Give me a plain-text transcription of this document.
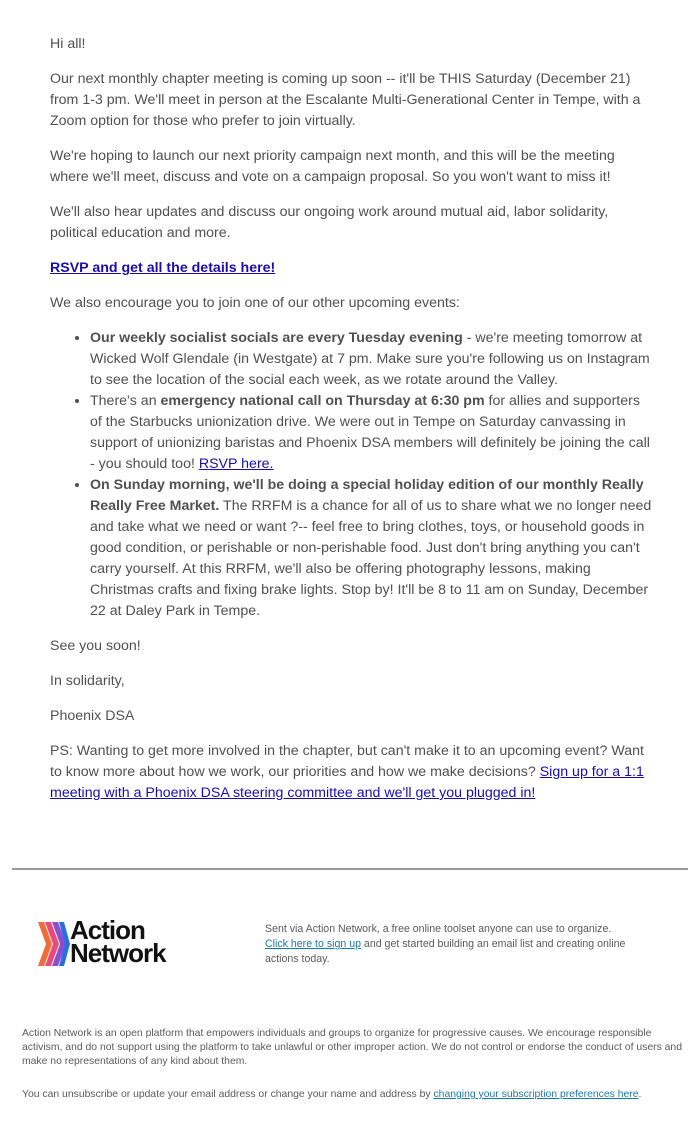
Hi all!

Our next monthly chapter meeting is coming up soon -- it'll be THIS Saturday (December 21) from 1-3 pm. We'll meet in person at the Escalante Multi-Generational Center in Tempe, with a Zoom option for those who prefer to join virtually.

We're hoping to launch our next priority campaign next month, and this will be the meeting where we'll meet, discuss and vote on a campaign proposal. So you won't want to miss it!

We'll also hear updates and discuss our ongoing work around mutual aid, labor solidarity, political education and more.

RSVP and get all the details here!

We also encourage you to join one of our other upcoming events:

• Our weekly socialist socials are every Tuesday evening - we're meeting tomorrow at Wicked Wolf Glendale (in Westgate) at 7 pm. Make sure you're following us on Instagram to see the location of the social each week, as we rotate around the Valley.
• There's an emergency national call on Thursday at 6:30 pm for allies and supporters of the Starbucks unionization drive. We were out in Tempe on Saturday canvassing in support of unionizing baristas and Phoenix DSA members will definitely be joining the call - you should too! RSVP here.
• On Sunday morning, we'll be doing a special holiday edition of our monthly Really Really Free Market. The RRFM is a chance for all of us to share what we no longer need and take what we need or want ?-- feel free to bring clothes, toys, or household goods in good condition, or perishable or non-perishable food. Just don't bring anything you can't carry yourself. At this RRFM, we'll also be offering photography lessons, making Christmas crafts and fixing brake lights. Stop by! It'll be 8 to 11 am on Sunday, December 22 at Daley Park in Tempe.

See you soon!

In solidarity,

Phoenix DSA

PS: Wanting to get more involved in the chapter, but can't make it to an upcoming event? Want to know more about how we work, our priorities and how we make decisions? Sign up for a 1:1 meeting with a Phoenix DSA steering committee and we'll get you plugged in!

Action
Network
Sent via Action Network, a free online toolset anyone can use to organize.
Click here to sign up and get started building an email list and creating online actions today.
Action Network is an open platform that empowers individuals and groups to organize for progressive causes. We encourage responsible activism, and do not support using the platform to take unlawful or other improper action. We do not control or endorse the conduct of users and make no representations of any kind about them.
You can unsubscribe or update your email address or change your name and address by changing your subscription preferences here.
